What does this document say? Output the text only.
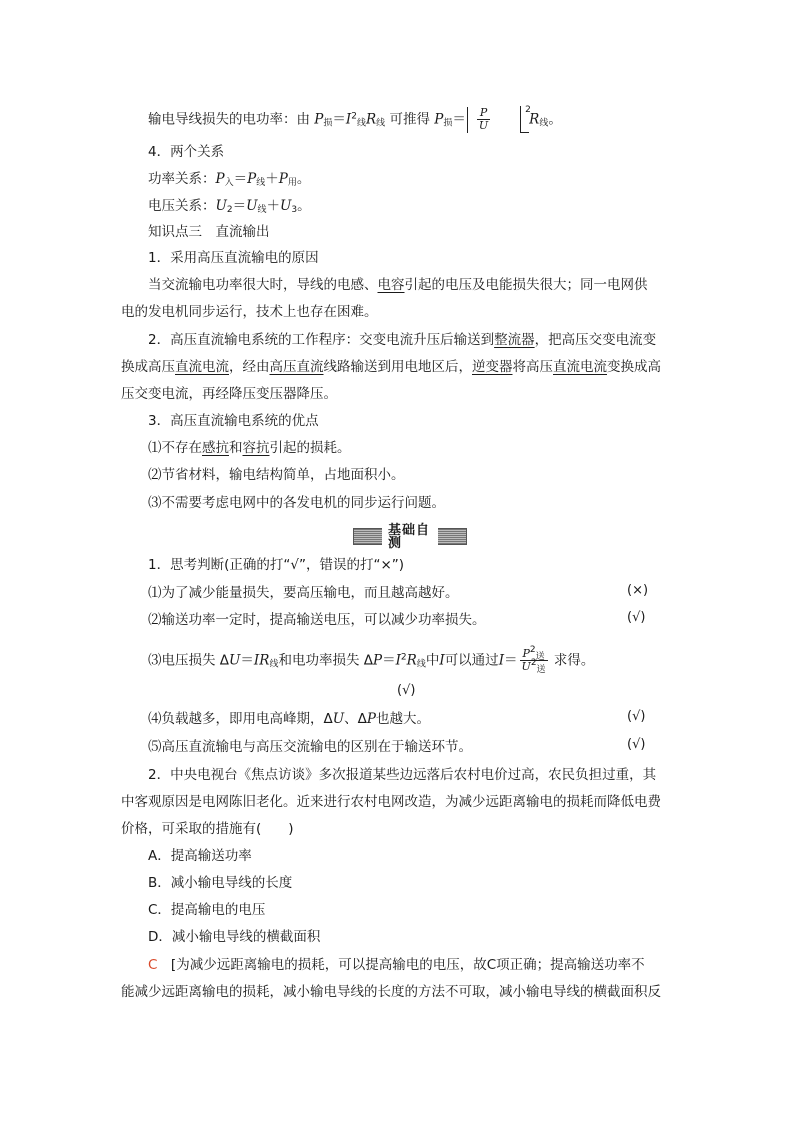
输电导线损失的电功率：由 $P_损=I^2_线R_线$ 可推得 $P_损= \frac{P}{U}$	2
$R_线$。
4．两个关系
功率关系：$P_入=P_线+P_用$。
电压关系：$U_2=U_线+U_3$。
知识点三　直流输出
1．采用高压直流输电的原因
当交流输电功率很大时，导线的电感、电容引起的电压及电能损失很大；同一电网供
电的发电机同步运行，技术上也存在困难。
2．高压直流输电系统的工作程序：交变电流升压后输送到整流器，把高压交变电流变
换成高压直流电流，经由高压直流线路输送到用电地区后，逆变器将高压直流电流变换成高
压交变电流，再经降压变压器降压。
3．高压直流输电系统的优点
⑴不存在感抗和容抗引起的损耗。
⑵节省材料，输电结构简单，占地面积小。
⑶不需要考虑电网中的各发电机的同步运行问题。
基础自测
1．思考判断(正确的打“√”，错误的打“×”)
⑴为了减少能量损失，要高压输电，而且越高越好。	(×)
⑵输送功率一定时，提高输送电压，可以减少功率损失。	(√)
⑶电压损失 $\Delta U=IR_线$和电功率损失 $\Delta P=I^2R_线$中I可以通过$I= \frac{P^2_送}{U^2_送}$ 求得。
(√)
⑷负载越多，即用电高峰期，ΔU、ΔP也越大。	(√)
⑸高压直流输电与高压交流输电的区别在于输送环节。	(√)
2．中央电视台《焦点访谈》多次报道某些边远落后农村电价过高，农民负担过重，其
中客观原因是电网陈旧老化。近来进行农村电网改造，为减少远距离输电的损耗而降低电费
价格，可采取的措施有(　　)
A．提高输送功率
B．减小输电导线的长度
C．提高输电的电压
D．减小输电导线的横截面积
C　[为减少远距离输电的损耗，可以提高输电的电压，故C项正确；提高输送功率不
能减少远距离输电的损耗，减小输电导线的长度的方法不可取，减小输电导线的横截面积反
